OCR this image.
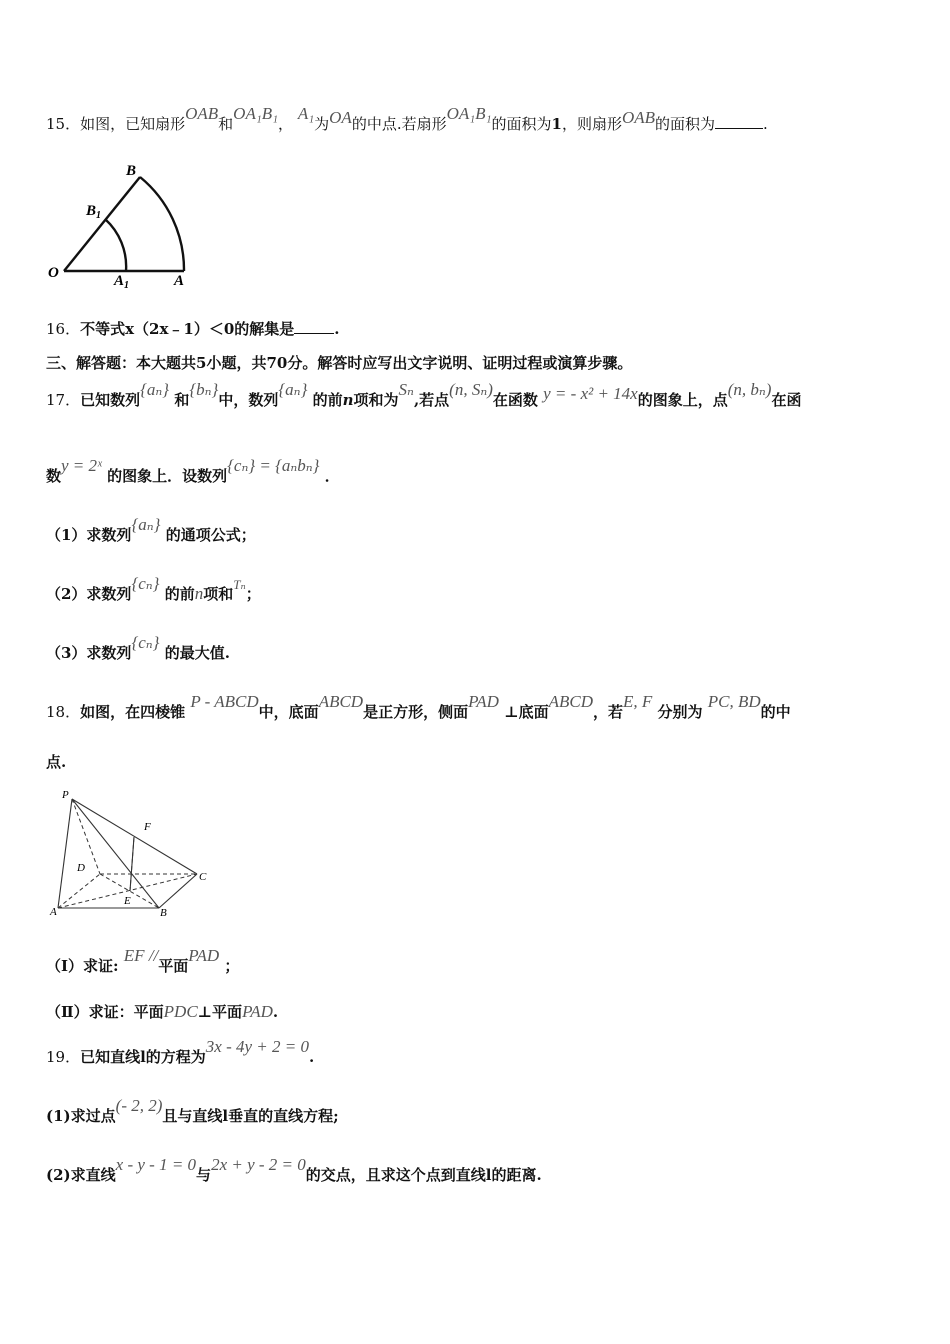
15．如图，已知扇形OAB和OA₁B₁， A₁为OA的中点.若扇形OA₁B₁的面积为1，则扇形OAB的面积为	.
B
$B_1$
O	$A_1$	A
16．不等式x（2x﹣1）＜0的解集是	.
三、解答题：本大题共5小题，共70分。解答时应写出文字说明、证明过程或演算步骤。
17．已知数列{aₙ} 和{bₙ}中，数列{aₙ} 的前n项和为Sₙ,若点(n, Sₙ)在函数 y = - x² + 14x的图象上，点(n, bₙ)在函
数y = 2ˣ 的图象上．设数列{cₙ} = {aₙbₙ} ．
（1）求数列{aₙ} 的通项公式；
（2）求数列{cₙ} 的前n项和Tₙ；
（3）求数列{cₙ} 的最大值.
18．如图，在四棱锥 P - ABCD中，底面ABCD是正方形，侧面PAD ⊥底面ABCD，若E, F 分别为 PC, BD的中
点.
P
F
D
C
E
A	B
（Ⅰ）求证: EF //平面PAD ；
（Ⅱ）求证：平面PDC⊥平面PAD.
19．已知直线l的方程为3x - 4y + 2 = 0.
(1)求过点(- 2, 2)且与直线l垂直的直线方程;
(2)求直线x - y - 1 = 0与2x + y - 2 = 0的交点，且求这个点到直线l的距离.
